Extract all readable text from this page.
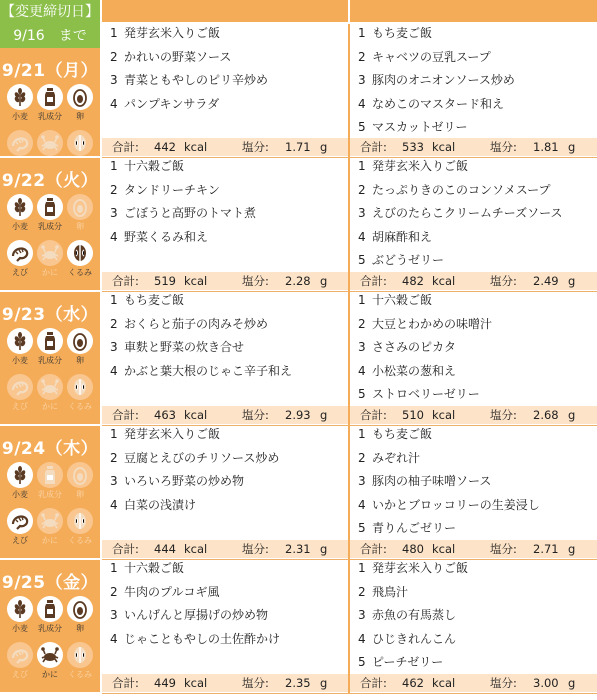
【変更締切日】
9/16　まで
9/21（月）
小麦	乳成分	卵
1 発芽玄米入りご飯
2 かれいの野菜ソース
3 青菜ともやしのピリ辛炒め
4 パンプキンサラダ
合計: 442 kcal	塩分: 1.71 g
1 もち麦ご飯
2 キャベツの豆乳スープ
3 豚肉のオニオンソース炒め
4 なめこのマスタード和え
5 マスカットゼリー
合計: 533 kcal	塩分: 1.81 g
9/22（火）
小麦	乳成分	卵
えび	かに	くるみ
1 十六穀ご飯
2 タンドリーチキン
3 ごぼうと高野のトマト煮
4 野菜くるみ和え
合計: 519 kcal	塩分: 2.28 g
1 発芽玄米入りご飯
2 たっぷりきのこのコンソメスープ
3 えびのたらこクリームチーズソース
4 胡麻酢和え
5 ぶどうゼリー
合計: 482 kcal	塩分: 2.49 g
9/23（水）
小麦	乳成分	卵
えび	かに	くるみ
1 もち麦ご飯
2 おくらと茄子の肉みそ炒め
3 車麩と野菜の炊き合せ
4 かぶと葉大根のじゃこ辛子和え
合計: 463 kcal	塩分: 2.93 g
1 十六穀ご飯
2 大豆とわかめの味噌汁
3 ささみのピカタ
4 小松菜の葱和え
5 ストロベリーゼリー
合計: 510 kcal	塩分: 2.68 g
9/24（木）
小麦	乳成分	卵
えび	かに	くるみ
1 発芽玄米入りご飯
2 豆腐とえびのチリソース炒め
3 いろいろ野菜の炒め物
4 白菜の浅漬け
合計: 444 kcal	塩分: 2.31 g
1 もち麦ご飯
2 みぞれ汁
3 豚肉の柚子味噌ソース
4 いかとブロッコリーの生姜浸し
5 青りんごゼリー
合計: 480 kcal	塩分: 2.71 g
9/25（金）
小麦	乳成分	卵
えび	かに	くるみ
1 十六穀ご飯
2 牛肉のプルコギ風
3 いんげんと厚揚げの炒め物
4 じゃこともやしの土佐酢かけ
合計: 449 kcal	塩分: 2.35 g
1 発芽玄米入りご飯
2 飛鳥汁
3 赤魚の有馬蒸し
4 ひじきれんこん
5 ピーチゼリー
合計: 462 kcal	塩分: 3.00 g
